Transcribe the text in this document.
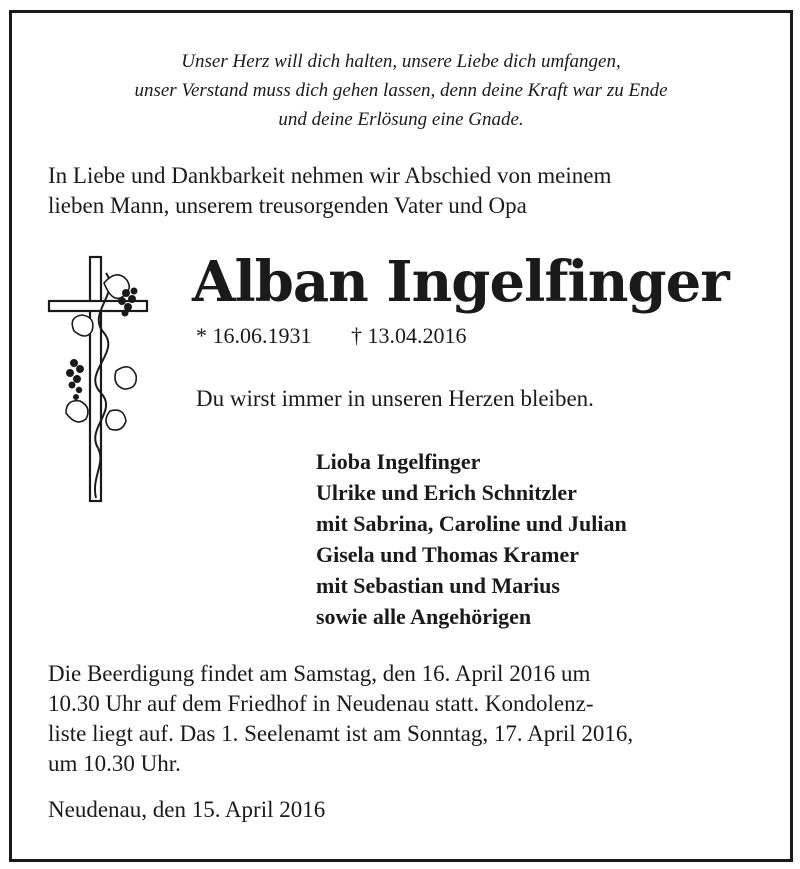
Unser Herz will dich halten, unsere Liebe dich umfangen,
unser Verstand muss dich gehen lassen, denn deine Kraft war zu Ende
und deine Erlösung eine Gnade.
In Liebe und Dankbarkeit nehmen wir Abschied von meinem
lieben Mann, unserem treusorgenden Vater und Opa
Alban Ingelfinger
* 16.06.1931 † 13.04.2016
Du wirst immer in unseren Herzen bleiben.
Lioba Ingelfinger
Ulrike und Erich Schnitzler
mit Sabrina, Caroline und Julian
Gisela und Thomas Kramer
mit Sebastian und Marius
sowie alle Angehörigen
Die Beerdigung findet am Samstag, den 16. April 2016 um
10.30 Uhr auf dem Friedhof in Neudenau statt. Kondolenz-
liste liegt auf. Das 1. Seelenamt ist am Sonntag, 17. April 2016,
um 10.30 Uhr.
Neudenau, den 15. April 2016
